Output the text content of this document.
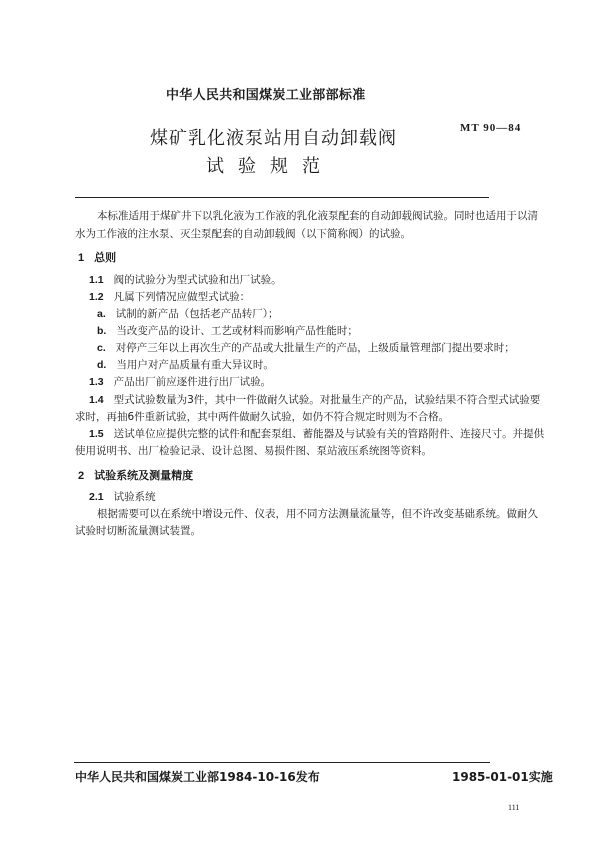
中华人民共和国煤炭工业部部标准
MT 90—84
煤矿乳化液泵站用自动卸载阀
试验规范
本标准适用于煤矿井下以乳化液为工作液的乳化液泵配套的自动卸载阀试验。同时也适用于以清
水为工作液的注水泵、灭尘泵配套的自动卸载阀（以下简称阀）的试验。
1 总则
1.1 阀的试验分为型式试验和出厂试验。
1.2 凡属下列情况应做型式试验：
a. 试制的新产品（包括老产品转厂）；
b. 当改变产品的设计、工艺或材料而影响产品性能时；
c. 对停产三年以上再次生产的产品或大批量生产的产品，上级质量管理部门提出要求时；
d. 当用户对产品质量有重大异议时。
1.3 产品出厂前应逐件进行出厂试验。
1.4 型式试验数量为3件，其中一件做耐久试验。对批量生产的产品，试验结果不符合型式试验要
求时，再抽6件重新试验，其中两件做耐久试验，如仍不符合规定时则为不合格。
1.5 送试单位应提供完整的试件和配套泵组、蓄能器及与试验有关的管路附件、连接尺寸。并提供
使用说明书、出厂检验记录、设计总图、易损件图、泵站液压系统图等资料。
2 试验系统及测量精度
2.1 试验系统
根据需要可以在系统中增设元件、仪表，用不同方法测量流量等，但不许改变基础系统。做耐久
试验时切断流量测试装置。
中华人民共和国煤炭工业部1984-10-16发布	1985-01-01实施
111
